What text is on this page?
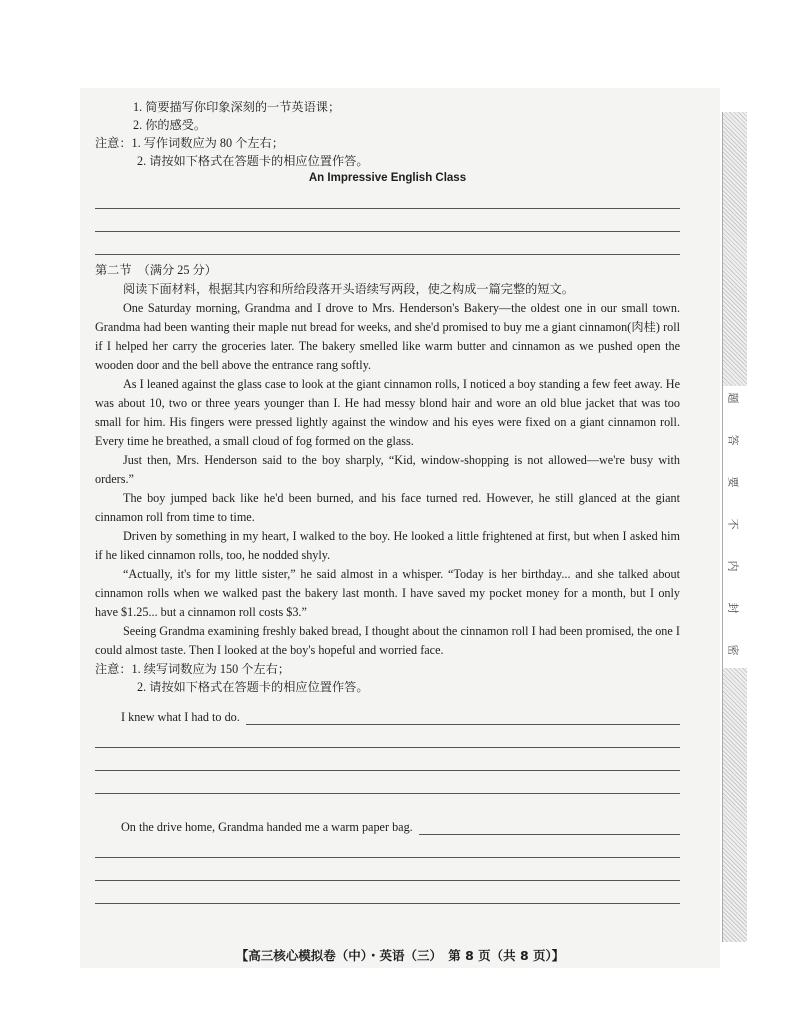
1. 简要描写你印象深刻的一节英语课；
2. 你的感受。
注意：1. 写作词数应为 80 个左右；
2. 请按如下格式在答题卡的相应位置作答。
An Impressive English Class
第二节　（满分 25 分）
阅读下面材料，根据其内容和所给段落开头语续写两段，使之构成一篇完整的短文。

One Saturday morning, Grandma and I drove to Mrs. Henderson's Bakery—the oldest one in our small town. Grandma had been wanting their maple nut bread for weeks, and she'd promised to buy me a giant cinnamon(肉桂) roll if I helped her carry the groceries later. The bakery smelled like warm butter and cinnamon as we pushed open the wooden door and the bell above the entrance rang softly.

As I leaned against the glass case to look at the giant cinnamon rolls, I noticed a boy standing a few feet away. He was about 10, two or three years younger than I. He had messy blond hair and wore an old blue jacket that was too small for him. His fingers were pressed lightly against the window and his eyes were fixed on a giant cinnamon roll. Every time he breathed, a small cloud of fog formed on the glass.

Just then, Mrs. Henderson said to the boy sharply, “Kid, window-shopping is not allowed—we're busy with orders.”

The boy jumped back like he'd been burned, and his face turned red. However, he still glanced at the giant cinnamon roll from time to time.

Driven by something in my heart, I walked to the boy. He looked a little frightened at first, but when I asked him if he liked cinnamon rolls, too, he nodded shyly.

“Actually, it's for my little sister,” he said almost in a whisper. “Today is her birthday... and she talked about cinnamon rolls when we walked past the bakery last month. I have saved my pocket money for a month, but I only have $1.25... but a cinnamon roll costs $3.”

Seeing Grandma examining freshly baked bread, I thought about the cinnamon roll I had been promised, the one I could almost taste. Then I looked at the boy's hopeful and worried face.

注意：1. 续写词数应为 150 个左右；
2. 请按如下格式在答题卡的相应位置作答。
I knew what I had to do.
On the drive home, Grandma handed me a warm paper bag.
题
答
要
不
内
封
密
【高三核心模拟卷（中）・英语（三）　第 8 页（共 8 页）】
